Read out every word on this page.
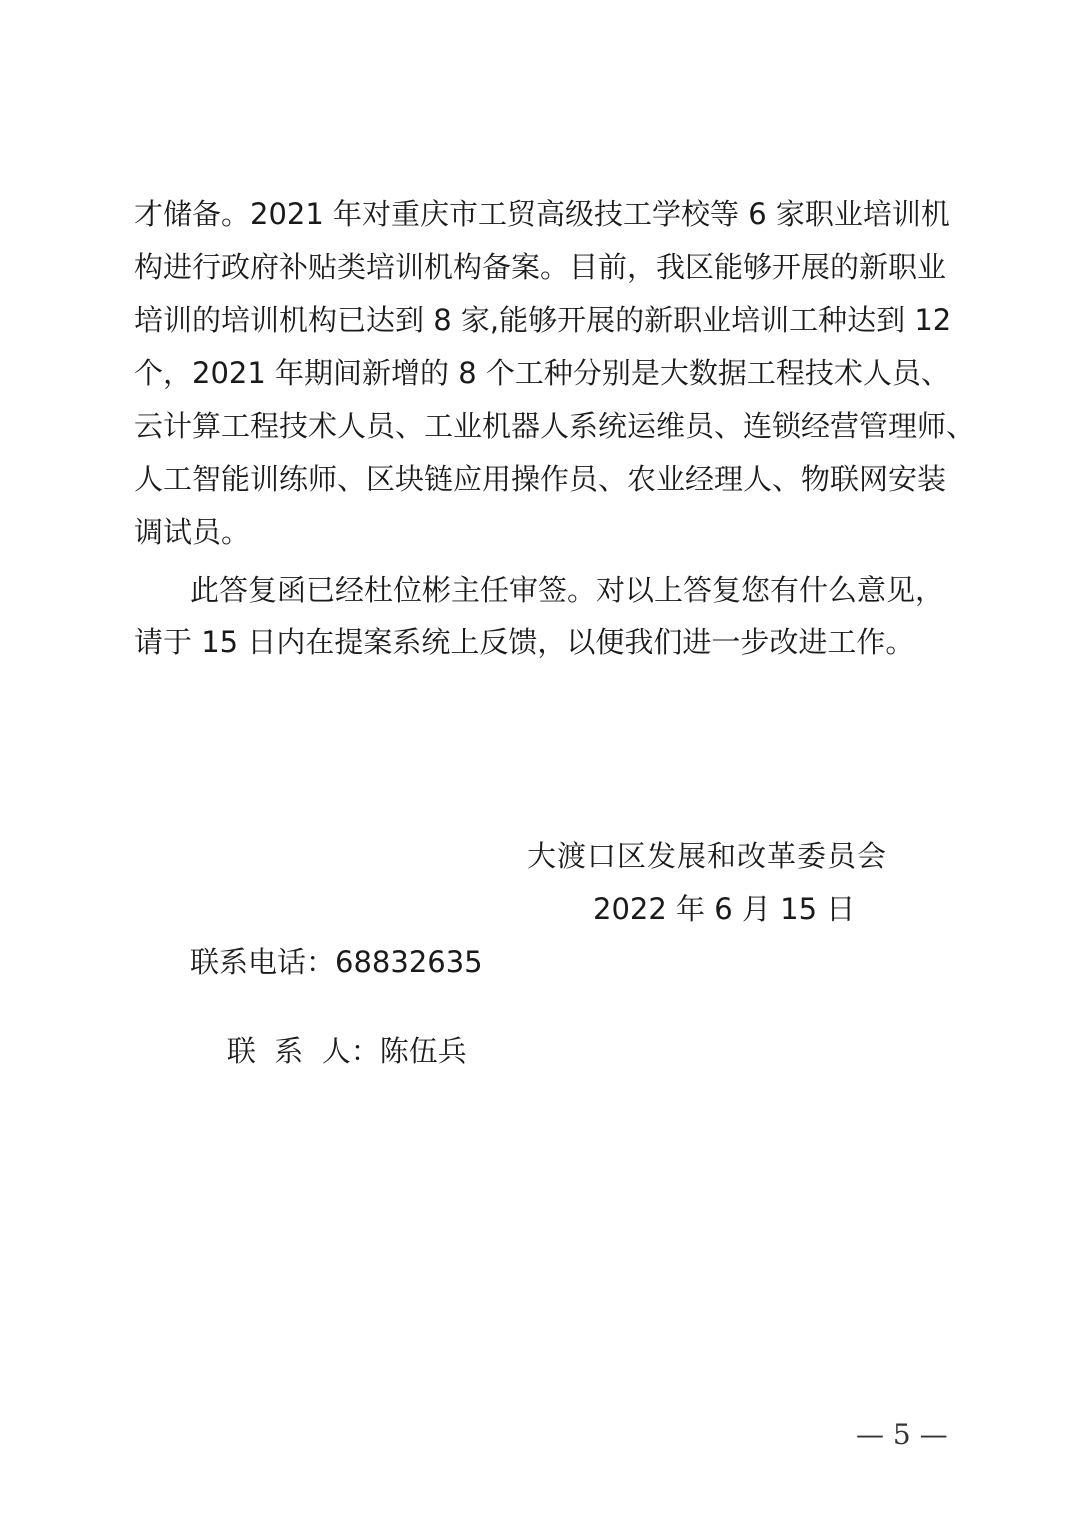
才储备。2021 年对重庆市工贸高级技工学校等 6 家职业培训机
构进行政府补贴类培训机构备案。目前，我区能够开展的新职业
培训的培训机构已达到 8 家,能够开展的新职业培训工种达到 12
个，2021 年期间新增的 8 个工种分别是大数据工程技术人员、
云计算工程技术人员、工业机器人系统运维员、连锁经营管理师、
人工智能训练师、区块链应用操作员、农业经理人、物联网安装
调试员。
此答复函已经杜位彬主任审签。对以上答复您有什么意见，
请于 15 日内在提案系统上反馈，以便我们进一步改进工作。
大渡口区发展和改革委员会
2022 年 6 月 15 日
联系电话：68832635

联  系  人：陈伍兵

— 5 —
